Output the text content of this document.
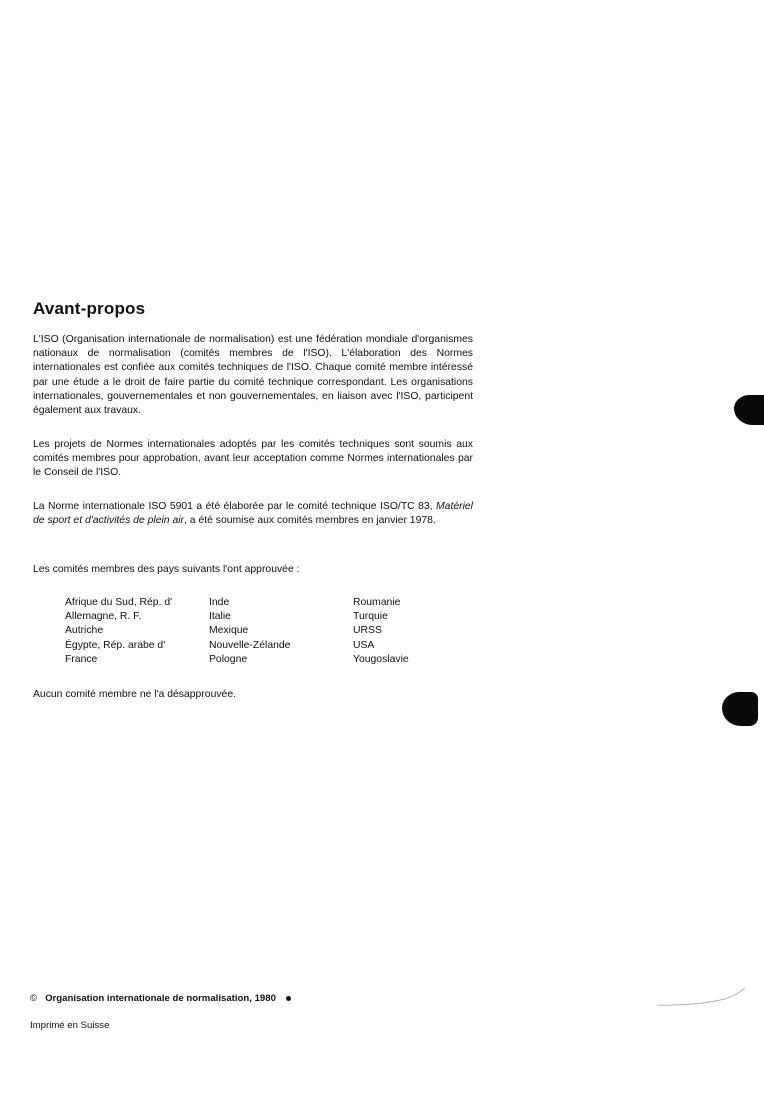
Avant-propos

L'ISO (Organisation internationale de normalisation) est une fédération mondiale d'organismes nationaux de normalisation (comités membres de l'ISO). L'élaboration des Normes internationales est confiée aux comités techniques de l'ISO. Chaque comité membre intéressé par une étude a le droit de faire partie du comité technique correspondant. Les organisations internationales, gouvernementales et non gouvernementales, en liaison avec l'ISO, participent également aux travaux.

Les projets de Normes internationales adoptés par les comités techniques sont soumis aux comités membres pour approbation, avant leur acceptation comme Normes internationales par le Conseil de l'ISO.

La Norme internationale ISO 5901 a été élaborée par le comité technique ISO/TC 83, Matériel de sport et d'activités de plein air, a été soumise aux comités membres en janvier 1978.

Les comités membres des pays suivants l'ont approuvée :

Afrique du Sud, Rép. d'
Allemagne, R. F.
Autriche
Égypte, Rép. arabe d'
France
Inde
Italie
Mexique
Nouvelle-Zélande
Pologne
Roumanie
Turquie
URSS
USA
Yougoslavie

Aucun comité membre ne l'a désapprouvée.

© Organisation internationale de normalisation, 1980
Imprimé en Suisse
